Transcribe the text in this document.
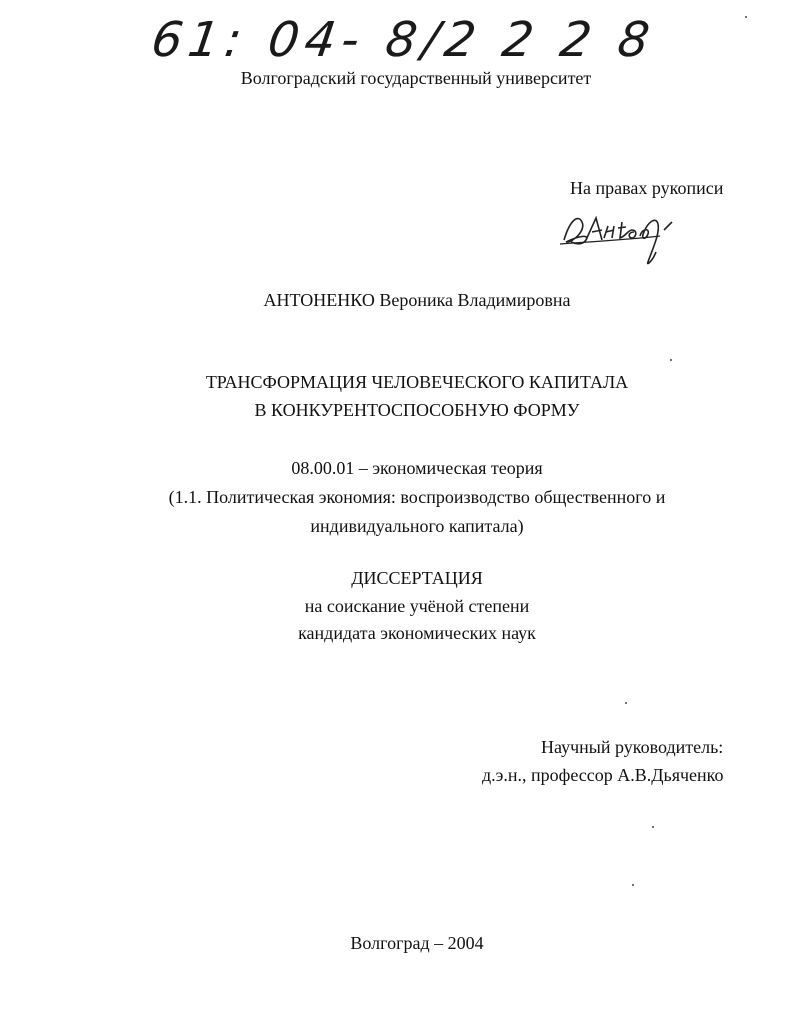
61: 04- 8/2 2 2 8
Волгоградский государственный университет
На правах рукописи
АНТОНЕНКО Вероника Владимировна
ТРАНСФОРМАЦИЯ ЧЕЛОВЕЧЕСКОГО КАПИТАЛА
В КОНКУРЕНТОСПОСОБНУЮ ФОРМУ
08.00.01 – экономическая теория
(1.1. Политическая экономия: воспроизводство общественного и
индивидуального капитала)
ДИССЕРТАЦИЯ
на соискание учёной степени
кандидата экономических наук
Научный руководитель:
д.э.н., профессор А.В.Дьяченко
Волгоград – 2004
